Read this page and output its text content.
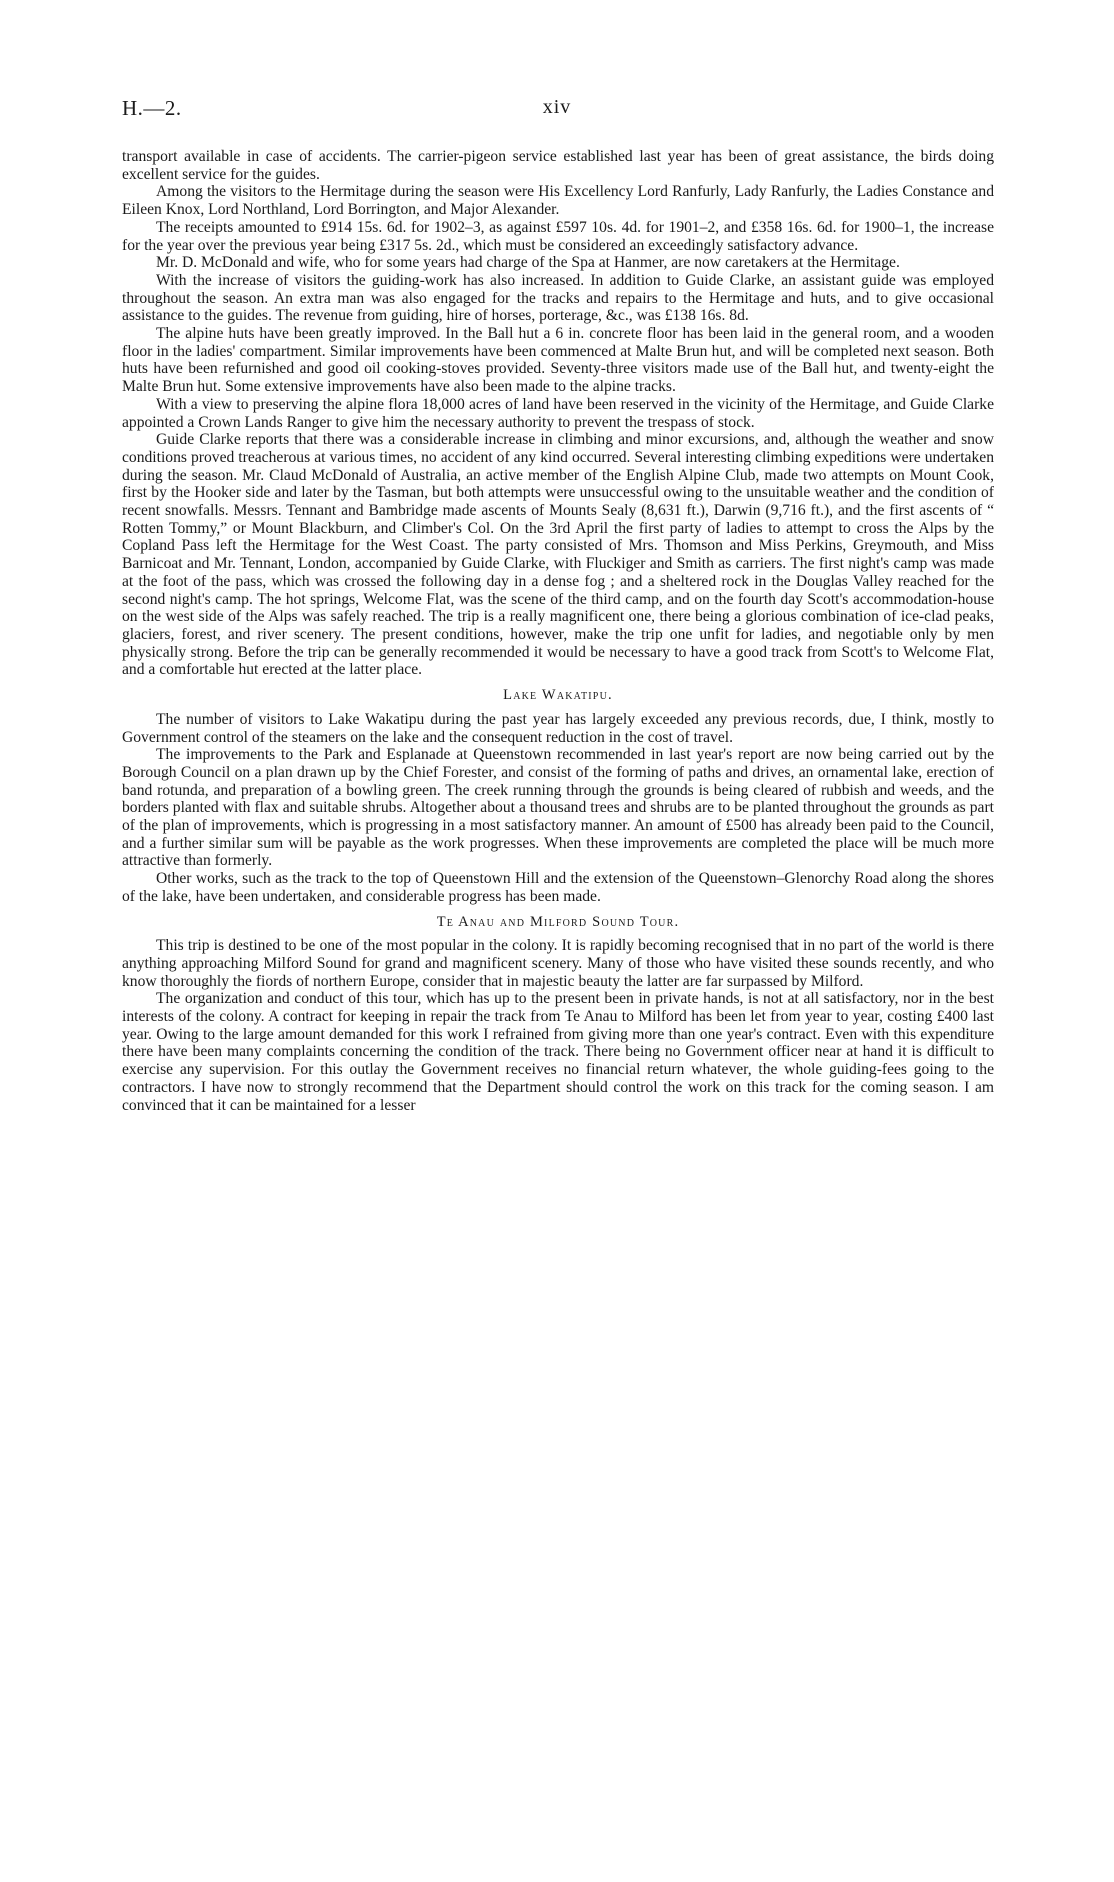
H.—2.	xiv

transport available in case of accidents. The carrier-pigeon service established last year has been of great assistance, the birds doing excellent service for the guides.

Among the visitors to the Hermitage during the season were His Excellency Lord Ranfurly, Lady Ranfurly, the Ladies Constance and Eileen Knox, Lord Northland, Lord Borrington, and Major Alexander.

The receipts amounted to £914 15s. 6d. for 1902–3, as against £597 10s. 4d. for 1901–2, and £358 16s. 6d. for 1900–1, the increase for the year over the previous year being £317 5s. 2d., which must be considered an exceedingly satisfactory advance.

Mr. D. McDonald and wife, who for some years had charge of the Spa at Hanmer, are now caretakers at the Hermitage.

With the increase of visitors the guiding-work has also increased. In addition to Guide Clarke, an assistant guide was employed throughout the season. An extra man was also engaged for the tracks and repairs to the Hermitage and huts, and to give occasional assistance to the guides. The revenue from guiding, hire of horses, porterage, &c., was £138 16s. 8d.

The alpine huts have been greatly improved. In the Ball hut a 6 in. concrete floor has been laid in the general room, and a wooden floor in the ladies' compartment. Similar improvements have been commenced at Malte Brun hut, and will be completed next season. Both huts have been refurnished and good oil cooking-stoves provided. Seventy-three visitors made use of the Ball hut, and twenty-eight the Malte Brun hut. Some extensive improvements have also been made to the alpine tracks.

With a view to preserving the alpine flora 18,000 acres of land have been reserved in the vicinity of the Hermitage, and Guide Clarke appointed a Crown Lands Ranger to give him the necessary authority to prevent the trespass of stock.

Guide Clarke reports that there was a considerable increase in climbing and minor excursions, and, although the weather and snow conditions proved treacherous at various times, no accident of any kind occurred. Several interesting climbing expeditions were undertaken during the season. Mr. Claud McDonald of Australia, an active member of the English Alpine Club, made two attempts on Mount Cook, first by the Hooker side and later by the Tasman, but both attempts were unsuccessful owing to the unsuitable weather and the condition of recent snowfalls. Messrs. Tennant and Bambridge made ascents of Mounts Sealy (8,631 ft.), Darwin (9,716 ft.), and the first ascents of “ Rotten Tommy,” or Mount Blackburn, and Climber's Col. On the 3rd April the first party of ladies to attempt to cross the Alps by the Copland Pass left the Hermitage for the West Coast. The party consisted of Mrs. Thomson and Miss Perkins, Greymouth, and Miss Barnicoat and Mr. Tennant, London, accompanied by Guide Clarke, with Fluckiger and Smith as carriers. The first night's camp was made at the foot of the pass, which was crossed the following day in a dense fog ; and a sheltered rock in the Douglas Valley reached for the second night's camp. The hot springs, Welcome Flat, was the scene of the third camp, and on the fourth day Scott's accommodation-house on the west side of the Alps was safely reached. The trip is a really magnificent one, there being a glorious combination of ice-clad peaks, glaciers, forest, and river scenery. The present conditions, however, make the trip one unfit for ladies, and negotiable only by men physically strong. Before the trip can be generally recommended it would be necessary to have a good track from Scott's to Welcome Flat, and a comfortable hut erected at the latter place.

Lake Wakatipu.

The number of visitors to Lake Wakatipu during the past year has largely exceeded any previous records, due, I think, mostly to Government control of the steamers on the lake and the consequent reduction in the cost of travel.

The improvements to the Park and Esplanade at Queenstown recommended in last year's report are now being carried out by the Borough Council on a plan drawn up by the Chief Forester, and consist of the forming of paths and drives, an ornamental lake, erection of band rotunda, and preparation of a bowling green. The creek running through the grounds is being cleared of rubbish and weeds, and the borders planted with flax and suitable shrubs. Altogether about a thousand trees and shrubs are to be planted throughout the grounds as part of the plan of improvements, which is progressing in a most satisfactory manner. An amount of £500 has already been paid to the Council, and a further similar sum will be payable as the work progresses. When these improvements are completed the place will be much more attractive than formerly.

Other works, such as the track to the top of Queenstown Hill and the extension of the Queenstown–Glenorchy Road along the shores of the lake, have been undertaken, and considerable progress has been made.

Te Anau and Milford Sound Tour.

This trip is destined to be one of the most popular in the colony. It is rapidly becoming recognised that in no part of the world is there anything approaching Milford Sound for grand and magnificent scenery. Many of those who have visited these sounds recently, and who know thoroughly the fiords of northern Europe, consider that in majestic beauty the latter are far surpassed by Milford.

The organization and conduct of this tour, which has up to the present been in private hands, is not at all satisfactory, nor in the best interests of the colony. A contract for keeping in repair the track from Te Anau to Milford has been let from year to year, costing £400 last year. Owing to the large amount demanded for this work I refrained from giving more than one year's contract. Even with this expenditure there have been many complaints concerning the condition of the track. There being no Government officer near at hand it is difficult to exercise any supervision. For this outlay the Government receives no financial return whatever, the whole guiding-fees going to the contractors. I have now to strongly recommend that the Department should control the work on this track for the coming season. I am convinced that it can be maintained for a lesser
